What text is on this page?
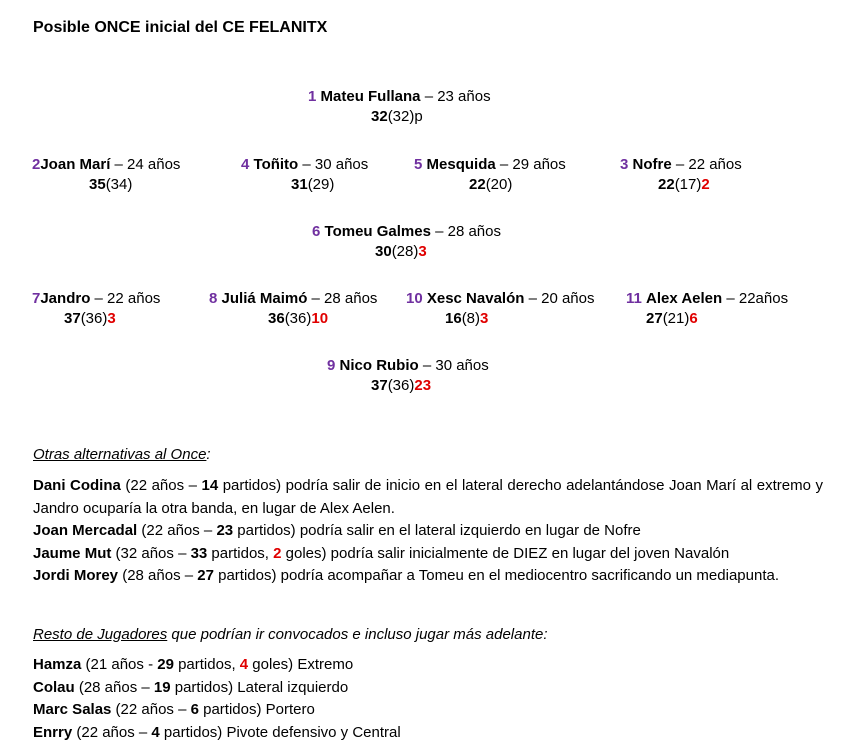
Posible ONCE inicial del CE FELANITX
1 Mateu Fullana – 23 años
32(32)p
2Joan Marí – 24 años
35(34)
4 Toñito – 30 años
31(29)
5 Mesquida – 29 años
22(20)
3 Nofre – 22 años
22(17)2
6 Tomeu Galmes – 28 años
30(28)3
7Jandro – 22 años
37(36)3
8 Juliá Maimó – 28 años
36(36)10
10 Xesc Navalón – 20 años
16(8)3
11 Alex Aelen – 22años
27(21)6
9 Nico Rubio – 30 años
37(36)23
Otras alternativas al Once:

Dani Codina (22 años – 14 partidos) podría salir de inicio en el lateral derecho adelantándose Joan Marí al extremo y Jandro ocuparía la otra banda, en lugar de Alex Aelen.

Joan Mercadal (22 años – 23 partidos) podría salir en el lateral izquierdo en lugar de Nofre

Jaume Mut (32 años – 33 partidos, 2 goles) podría salir inicialmente de DIEZ en lugar del joven Navalón

Jordi Morey (28 años – 27 partidos) podría acompañar a Tomeu en el mediocentro sacrificando un mediapunta.

Resto de Jugadores que podrían ir convocados e incluso jugar más adelante:

Hamza (21 años - 29 partidos, 4 goles) Extremo

Colau (28 años – 19 partidos) Lateral izquierdo

Marc Salas (22 años – 6 partidos) Portero

Enrry (22 años – 4 partidos) Pivote defensivo y Central
